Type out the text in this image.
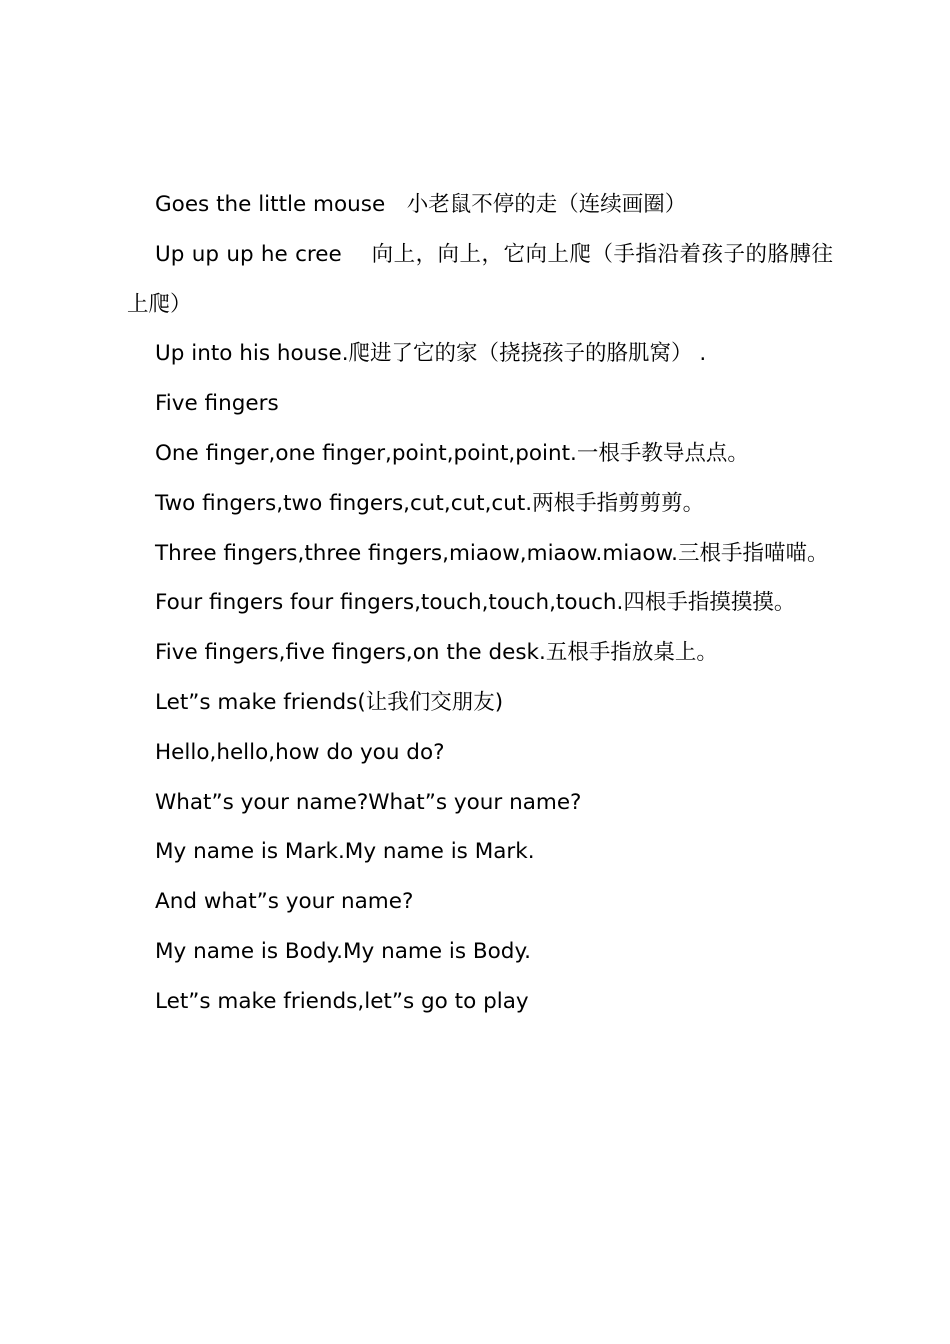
Goes the little mouse　小老鼠不停的走（连续画圈）

Up up up he cree　 向上，向上，它向上爬（手指沿着孩子的胳膊往上爬）

Up into his house.爬进了它的家（挠挠孩子的胳肌窝） .

Five fingers

One finger,one finger,point,point,point.一根手教导点点。

Two fingers,two fingers,cut,cut,cut.两根手指剪剪剪。

Three fingers,three fingers,miaow,miaow.miaow.三根手指喵喵。

Four fingers four fingers,touch,touch,touch.四根手指摸摸摸。

Five fingers,five fingers,on the desk.五根手指放桌上。

Let”s make friends(让我们交朋友)

Hello,hello,how do you do?

What”s your name?What”s your name?

My name is Mark.My name is Mark.

And what”s your name?

My name is Body.My name is Body.

Let”s make friends,let”s go to play
